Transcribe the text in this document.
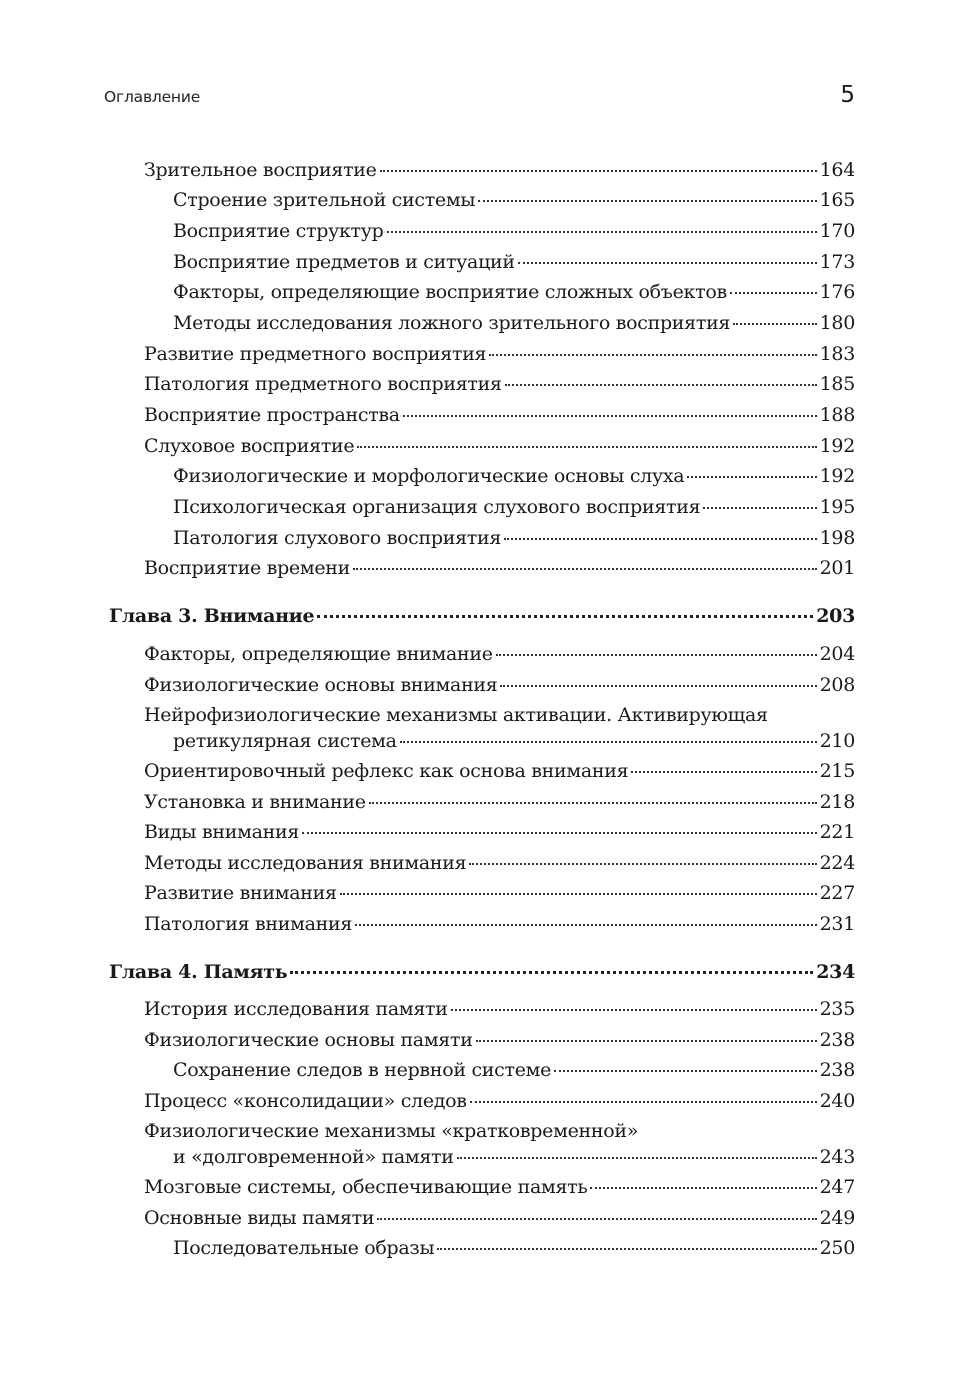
Оглавление	5
Зрительное восприятие	164
Строение зрительной системы	165
Восприятие структур	170
Восприятие предметов и ситуаций	173
Факторы, определяющие восприятие сложных объектов	176
Методы исследования ложного зрительного восприятия	180
Развитие предметного восприятия	183
Патология предметного восприятия	185
Восприятие пространства	188
Слуховое восприятие	192
Физиологические и морфологические основы слуха	192
Психологическая организация слухового восприятия	195
Патология слухового восприятия	198
Восприятие времени	201
Глава 3. Внимание	203
Факторы, определяющие внимание	204
Физиологические основы внимания	208
Нейрофизиологические механизмы активации. Активирующая
ретикулярная система	210
Ориентировочный рефлекс как основа внимания	215
Установка и внимание	218
Виды внимания	221
Методы исследования внимания	224
Развитие внимания	227
Патология внимания	231
Глава 4. Память	234
История исследования памяти	235
Физиологические основы памяти	238
Сохранение следов в нервной системе	238
Процесс «консолидации» следов	240
Физиологические механизмы «кратковременной»
и «долговременной» памяти	243
Мозговые системы, обеспечивающие память	247
Основные виды памяти	249
Последовательные образы	250
